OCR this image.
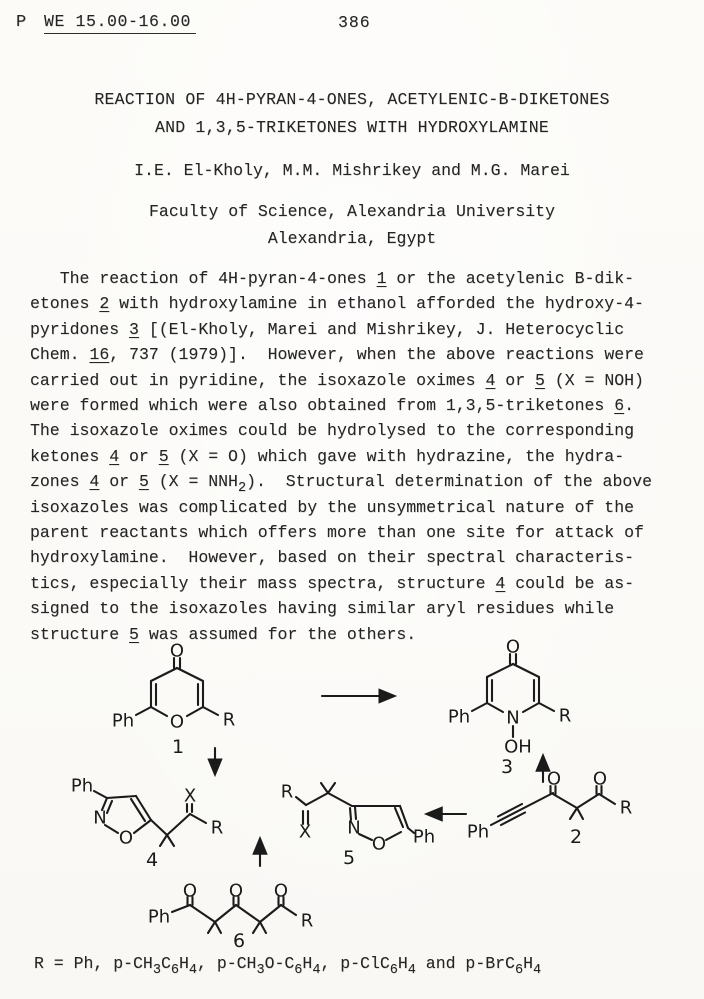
P WE 15.00-16.00	386
REACTION OF 4H-PYRAN-4-ONES, ACETYLENIC-B-DIKETONES
AND 1,3,5-TRIKETONES WITH HYDROXYLAMINE
I.E. El-Kholy, M.M. Mishrikey and M.G. Marei
Faculty of Science, Alexandria University
Alexandria, Egypt
The reaction of 4H-pyran-4-ones 1 or the acetylenic B-dik-
etones 2 with hydroxylamine in ethanol afforded the hydroxy-4-
pyridones 3 [(El-Kholy, Marei and Mishrikey, J. Heterocyclic
Chem. 16, 737 (1979)].  However, when the above reactions were
carried out in pyridine, the isoxazole oximes 4 or 5 (X = NOH)
were formed which were also obtained from 1,3,5-triketones 6.
The isoxazole oximes could be hydrolysed to the corresponding
ketones 4 or 5 (X = O) which gave with hydrazine, the hydra-
zones 4 or 5 $(X = NNH_2)$.  Structural determination of the above
isoxazoles was complicated by the unsymmetrical nature of the
parent reactants which offers more than one site for attack of
hydroxylamine.  However, based on their spectral characteris-
tics, especially their mass spectra, structure 4 could be as-
signed to the isoxazoles having similar aryl residues while
structure 5 was assumed for the others.
O
Ph O R
1
O
Ph N
OH
R
3
Ph
N
O
X
R
4
R
X N
O Ph
5
Ph
O O
R
2
Ph
O O O
R
6
R = Ph, $p-CH_3C_6H_4$, $p-CH_3O-C_6H_4$, $p-ClC_6H_4$ and $p-BrC_6H_4$
